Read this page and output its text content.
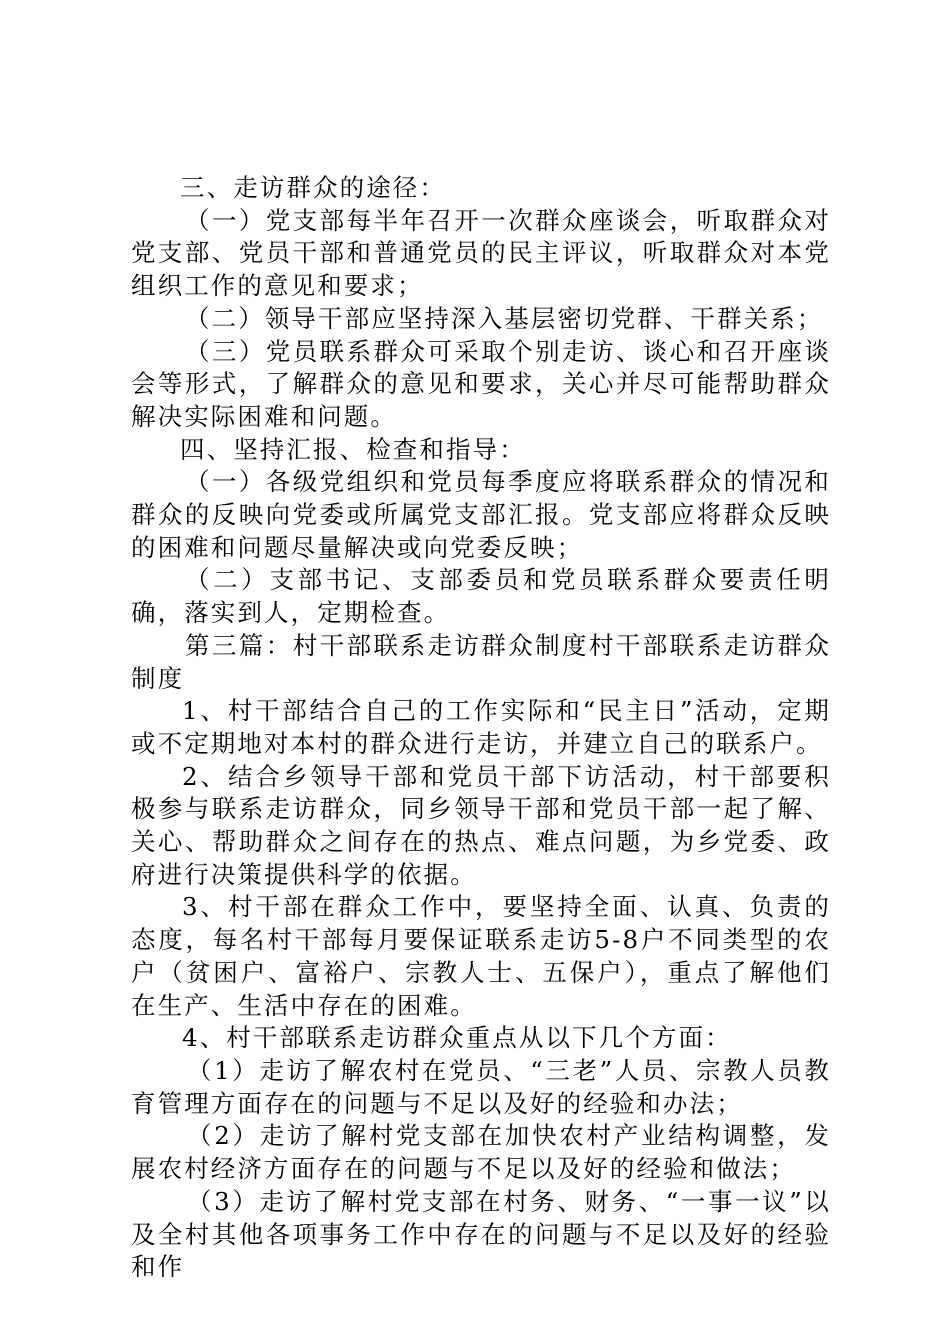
三、走访群众的途径：

（一）党支部每半年召开一次群众座谈会，听取群众对党支部、党员干部和普通党员的民主评议，听取群众对本党组织工作的意见和要求；

（二）领导干部应坚持深入基层密切党群、干群关系；

（三）党员联系群众可采取个别走访、谈心和召开座谈会等形式，了解群众的意见和要求，关心并尽可能帮助群众解决实际困难和问题。

四、坚持汇报、检查和指导：

（一）各级党组织和党员每季度应将联系群众的情况和群众的反映向党委或所属党支部汇报。党支部应将群众反映的困难和问题尽量解决或向党委反映；

（二）支部书记、支部委员和党员联系群众要责任明确，落实到人，定期检查。

第三篇：村干部联系走访群众制度村干部联系走访群众制度

1、村干部结合自己的工作实际和“民主日”活动，定期或不定期地对本村的群众进行走访，并建立自己的联系户。

2、结合乡领导干部和党员干部下访活动，村干部要积极参与联系走访群众，同乡领导干部和党员干部一起了解、关心、帮助群众之间存在的热点、难点问题，为乡党委、政府进行决策提供科学的依据。

3、村干部在群众工作中，要坚持全面、认真、负责的态度，每名村干部每月要保证联系走访5-8户不同类型的农户（贫困户、富裕户、宗教人士、五保户），重点了解他们在生产、生活中存在的困难。

4、村干部联系走访群众重点从以下几个方面：

（1）走访了解农村在党员、“三老”人员、宗教人员教育管理方面存在的问题与不足以及好的经验和办法；

（2）走访了解村党支部在加快农村产业结构调整，发展农村经济方面存在的问题与不足以及好的经验和做法；

（3）走访了解村党支部在村务、财务、“一事一议”以及全村其他各项事务工作中存在的问题与不足以及好的经验和作
